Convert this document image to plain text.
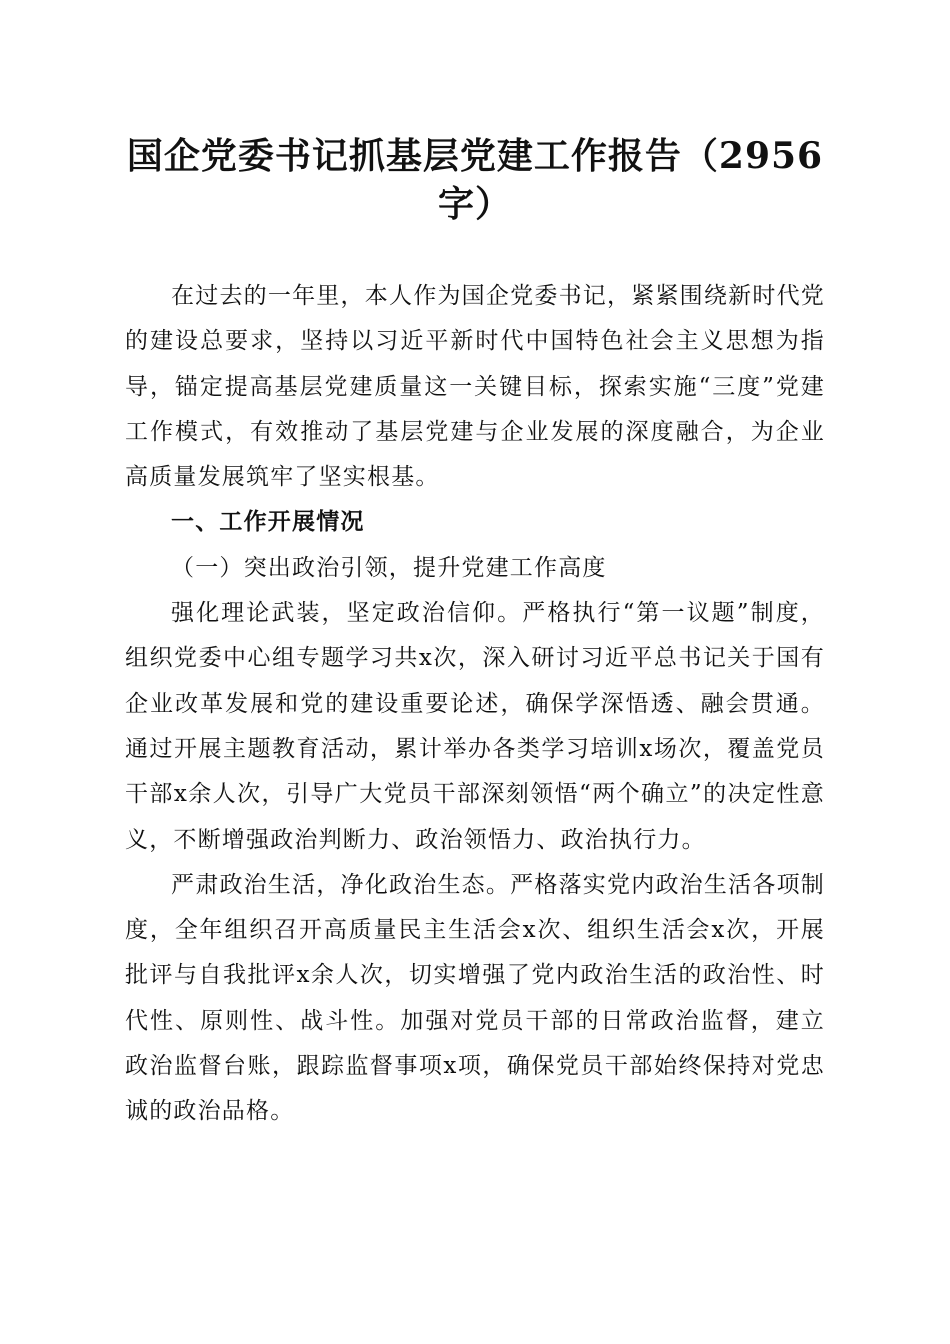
国企党委书记抓基层党建工作报告（2956字）

在过去的一年里，本人作为国企党委书记，紧紧围绕新时代党的建设总要求，坚持以习近平新时代中国特色社会主义思想为指导，锚定提高基层党建质量这一关键目标，探索实施“三度”党建工作模式，有效推动了基层党建与企业发展的深度融合，为企业高质量发展筑牢了坚实根基。

一、工作开展情况

（一）突出政治引领，提升党建工作高度

强化理论武装，坚定政治信仰。严格执行“第一议题”制度，组织党委中心组专题学习共x次，深入研讨习近平总书记关于国有企业改革发展和党的建设重要论述，确保学深悟透、融会贯通。通过开展主题教育活动，累计举办各类学习培训x场次，覆盖党员干部x余人次，引导广大党员干部深刻领悟“两个确立”的决定性意义，不断增强政治判断力、政治领悟力、政治执行力。

严肃政治生活，净化政治生态。严格落实党内政治生活各项制度，全年组织召开高质量民主生活会x次、组织生活会x次，开展批评与自我批评x余人次，切实增强了党内政治生活的政治性、时代性、原则性、战斗性。加强对党员干部的日常政治监督，建立政治监督台账，跟踪监督事项x项，确保党员干部始终保持对党忠诚的政治品格。
